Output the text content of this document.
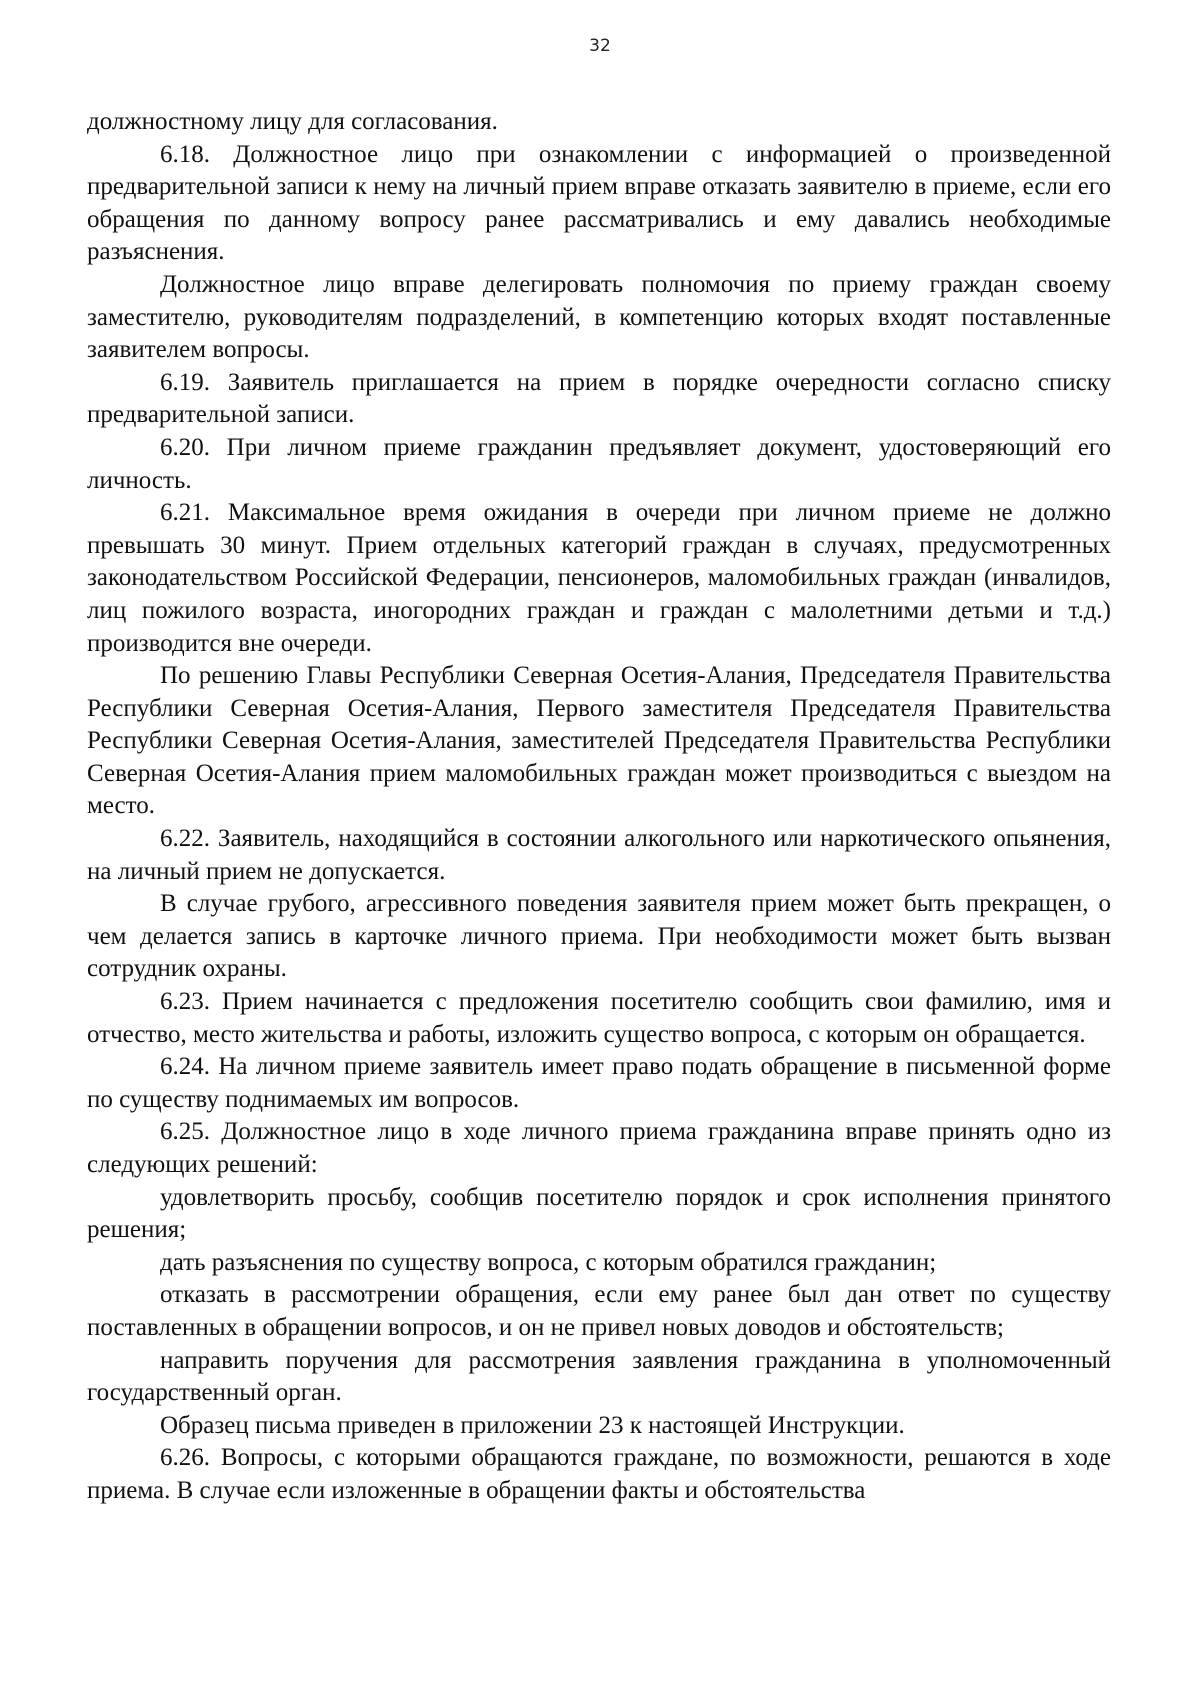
32

должностному лицу для согласования.

6.18. Должностное лицо при ознакомлении с информацией о произведенной предварительной записи к нему на личный прием вправе отказать заявителю в приеме, если его обращения по данному вопросу ранее рассматривались и ему давались необходимые разъяснения.

Должностное лицо вправе делегировать полномочия по приему граждан своему заместителю, руководителям подразделений, в компетенцию которых входят поставленные заявителем вопросы.

6.19. Заявитель приглашается на прием в порядке очередности согласно списку предварительной записи.

6.20. При личном приеме гражданин предъявляет документ, удостоверяющий его личность.

6.21. Максимальное время ожидания в очереди при личном приеме не должно превышать 30 минут. Прием отдельных категорий граждан в случаях, предусмотренных законодательством Российской Федерации, пенсионеров, маломобильных граждан (инвалидов, лиц пожилого возраста, иногородних граждан и граждан с малолетними детьми и т.д.) производится вне очереди.

По решению Главы Республики Северная Осетия-Алания, Председателя Правительства Республики Северная Осетия-Алания, Первого заместителя Председателя Правительства Республики Северная Осетия-Алания, заместителей Председателя Правительства Республики Северная Осетия-Алания прием маломобильных граждан может производиться с выездом на место.

6.22. Заявитель, находящийся в состоянии алкогольного или наркотического опьянения, на личный прием не допускается.

В случае грубого, агрессивного поведения заявителя прием может быть прекращен, о чем делается запись в карточке личного приема. При необходимости может быть вызван сотрудник охраны.

6.23. Прием начинается с предложения посетителю сообщить свои фамилию, имя и отчество, место жительства и работы, изложить существо вопроса, с которым он обращается.

6.24. На личном приеме заявитель имеет право подать обращение в письменной форме по существу поднимаемых им вопросов.

6.25. Должностное лицо в ходе личного приема гражданина вправе принять одно из следующих решений:

удовлетворить просьбу, сообщив посетителю порядок и срок исполнения принятого решения;

дать разъяснения по существу вопроса, с которым обратился гражданин;

отказать в рассмотрении обращения, если ему ранее был дан ответ по существу поставленных в обращении вопросов, и он не привел новых доводов и обстоятельств;

направить поручения для рассмотрения заявления гражданина в уполномоченный государственный орган.

Образец письма приведен в приложении 23 к настоящей Инструкции.

6.26. Вопросы, с которыми обращаются граждане, по возможности, решаются в ходе приема. В случае если изложенные в обращении факты и обстоятельства
